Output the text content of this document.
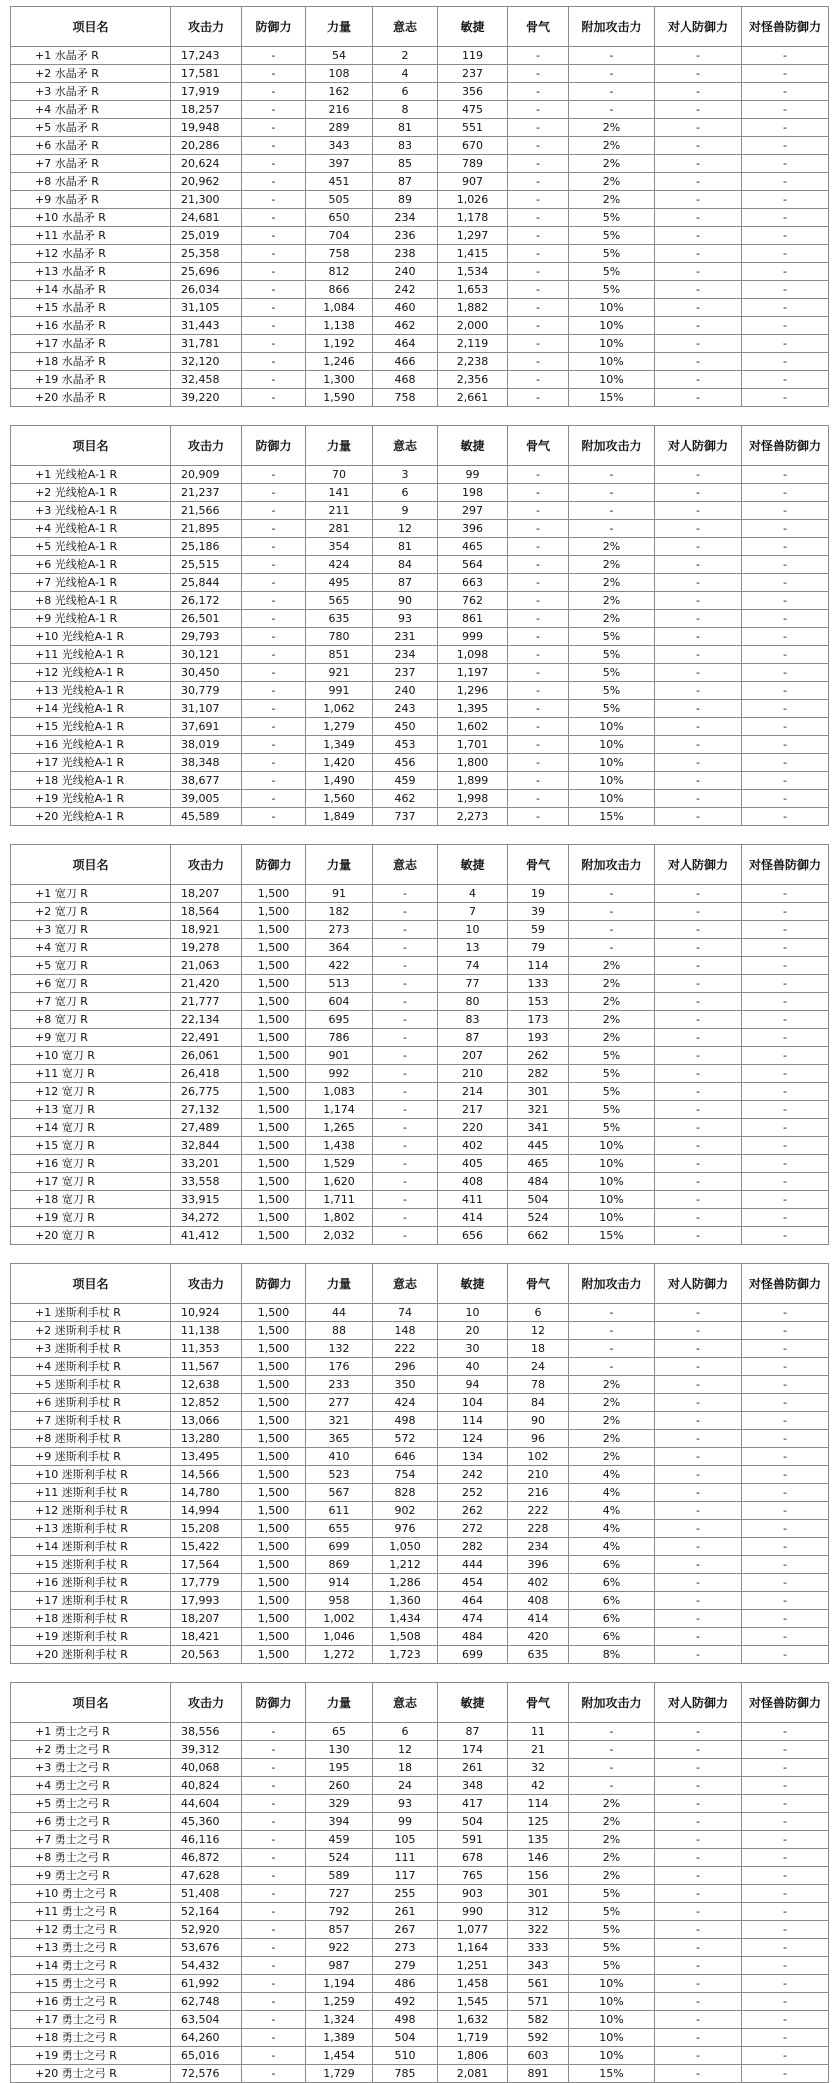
项目名	攻击力	防御力	力量	意志	敏捷	骨气	附加攻击力	对人防御力	对怪兽防御力
+1 水晶矛 R	17,243	-	54	2	119	-	-	-	-
+2 水晶矛 R	17,581	-	108	4	237	-	-	-	-
+3 水晶矛 R	17,919	-	162	6	356	-	-	-	-
+4 水晶矛 R	18,257	-	216	8	475	-	-	-	-
+5 水晶矛 R	19,948	-	289	81	551	-	2%	-	-
+6 水晶矛 R	20,286	-	343	83	670	-	2%	-	-
+7 水晶矛 R	20,624	-	397	85	789	-	2%	-	-
+8 水晶矛 R	20,962	-	451	87	907	-	2%	-	-
+9 水晶矛 R	21,300	-	505	89	1,026	-	2%	-	-
+10 水晶矛 R	24,681	-	650	234	1,178	-	5%	-	-
+11 水晶矛 R	25,019	-	704	236	1,297	-	5%	-	-
+12 水晶矛 R	25,358	-	758	238	1,415	-	5%	-	-
+13 水晶矛 R	25,696	-	812	240	1,534	-	5%	-	-
+14 水晶矛 R	26,034	-	866	242	1,653	-	5%	-	-
+15 水晶矛 R	31,105	-	1,084	460	1,882	-	10%	-	-
+16 水晶矛 R	31,443	-	1,138	462	2,000	-	10%	-	-
+17 水晶矛 R	31,781	-	1,192	464	2,119	-	10%	-	-
+18 水晶矛 R	32,120	-	1,246	466	2,238	-	10%	-	-
+19 水晶矛 R	32,458	-	1,300	468	2,356	-	10%	-	-
+20 水晶矛 R	39,220	-	1,590	758	2,661	-	15%	-	-
项目名	攻击力	防御力	力量	意志	敏捷	骨气	附加攻击力	对人防御力	对怪兽防御力
+1 光线枪A-1 R	20,909	-	70	3	99	-	-	-	-
+2 光线枪A-1 R	21,237	-	141	6	198	-	-	-	-
+3 光线枪A-1 R	21,566	-	211	9	297	-	-	-	-
+4 光线枪A-1 R	21,895	-	281	12	396	-	-	-	-
+5 光线枪A-1 R	25,186	-	354	81	465	-	2%	-	-
+6 光线枪A-1 R	25,515	-	424	84	564	-	2%	-	-
+7 光线枪A-1 R	25,844	-	495	87	663	-	2%	-	-
+8 光线枪A-1 R	26,172	-	565	90	762	-	2%	-	-
+9 光线枪A-1 R	26,501	-	635	93	861	-	2%	-	-
+10 光线枪A-1 R	29,793	-	780	231	999	-	5%	-	-
+11 光线枪A-1 R	30,121	-	851	234	1,098	-	5%	-	-
+12 光线枪A-1 R	30,450	-	921	237	1,197	-	5%	-	-
+13 光线枪A-1 R	30,779	-	991	240	1,296	-	5%	-	-
+14 光线枪A-1 R	31,107	-	1,062	243	1,395	-	5%	-	-
+15 光线枪A-1 R	37,691	-	1,279	450	1,602	-	10%	-	-
+16 光线枪A-1 R	38,019	-	1,349	453	1,701	-	10%	-	-
+17 光线枪A-1 R	38,348	-	1,420	456	1,800	-	10%	-	-
+18 光线枪A-1 R	38,677	-	1,490	459	1,899	-	10%	-	-
+19 光线枪A-1 R	39,005	-	1,560	462	1,998	-	10%	-	-
+20 光线枪A-1 R	45,589	-	1,849	737	2,273	-	15%	-	-
项目名	攻击力	防御力	力量	意志	敏捷	骨气	附加攻击力	对人防御力	对怪兽防御力
+1 宽刀 R	18,207	1,500	91	-	4	19	-	-	-
+2 宽刀 R	18,564	1,500	182	-	7	39	-	-	-
+3 宽刀 R	18,921	1,500	273	-	10	59	-	-	-
+4 宽刀 R	19,278	1,500	364	-	13	79	-	-	-
+5 宽刀 R	21,063	1,500	422	-	74	114	2%	-	-
+6 宽刀 R	21,420	1,500	513	-	77	133	2%	-	-
+7 宽刀 R	21,777	1,500	604	-	80	153	2%	-	-
+8 宽刀 R	22,134	1,500	695	-	83	173	2%	-	-
+9 宽刀 R	22,491	1,500	786	-	87	193	2%	-	-
+10 宽刀 R	26,061	1,500	901	-	207	262	5%	-	-
+11 宽刀 R	26,418	1,500	992	-	210	282	5%	-	-
+12 宽刀 R	26,775	1,500	1,083	-	214	301	5%	-	-
+13 宽刀 R	27,132	1,500	1,174	-	217	321	5%	-	-
+14 宽刀 R	27,489	1,500	1,265	-	220	341	5%	-	-
+15 宽刀 R	32,844	1,500	1,438	-	402	445	10%	-	-
+16 宽刀 R	33,201	1,500	1,529	-	405	465	10%	-	-
+17 宽刀 R	33,558	1,500	1,620	-	408	484	10%	-	-
+18 宽刀 R	33,915	1,500	1,711	-	411	504	10%	-	-
+19 宽刀 R	34,272	1,500	1,802	-	414	524	10%	-	-
+20 宽刀 R	41,412	1,500	2,032	-	656	662	15%	-	-
项目名	攻击力	防御力	力量	意志	敏捷	骨气	附加攻击力	对人防御力	对怪兽防御力
+1 迷斯利手杖 R	10,924	1,500	44	74	10	6	-	-	-
+2 迷斯利手杖 R	11,138	1,500	88	148	20	12	-	-	-
+3 迷斯利手杖 R	11,353	1,500	132	222	30	18	-	-	-
+4 迷斯利手杖 R	11,567	1,500	176	296	40	24	-	-	-
+5 迷斯利手杖 R	12,638	1,500	233	350	94	78	2%	-	-
+6 迷斯利手杖 R	12,852	1,500	277	424	104	84	2%	-	-
+7 迷斯利手杖 R	13,066	1,500	321	498	114	90	2%	-	-
+8 迷斯利手杖 R	13,280	1,500	365	572	124	96	2%	-	-
+9 迷斯利手杖 R	13,495	1,500	410	646	134	102	2%	-	-
+10 迷斯利手杖 R	14,566	1,500	523	754	242	210	4%	-	-
+11 迷斯利手杖 R	14,780	1,500	567	828	252	216	4%	-	-
+12 迷斯利手杖 R	14,994	1,500	611	902	262	222	4%	-	-
+13 迷斯利手杖 R	15,208	1,500	655	976	272	228	4%	-	-
+14 迷斯利手杖 R	15,422	1,500	699	1,050	282	234	4%	-	-
+15 迷斯利手杖 R	17,564	1,500	869	1,212	444	396	6%	-	-
+16 迷斯利手杖 R	17,779	1,500	914	1,286	454	402	6%	-	-
+17 迷斯利手杖 R	17,993	1,500	958	1,360	464	408	6%	-	-
+18 迷斯利手杖 R	18,207	1,500	1,002	1,434	474	414	6%	-	-
+19 迷斯利手杖 R	18,421	1,500	1,046	1,508	484	420	6%	-	-
+20 迷斯利手杖 R	20,563	1,500	1,272	1,723	699	635	8%	-	-
项目名	攻击力	防御力	力量	意志	敏捷	骨气	附加攻击力	对人防御力	对怪兽防御力
+1 勇士之弓 R	38,556	-	65	6	87	11	-	-	-
+2 勇士之弓 R	39,312	-	130	12	174	21	-	-	-
+3 勇士之弓 R	40,068	-	195	18	261	32	-	-	-
+4 勇士之弓 R	40,824	-	260	24	348	42	-	-	-
+5 勇士之弓 R	44,604	-	329	93	417	114	2%	-	-
+6 勇士之弓 R	45,360	-	394	99	504	125	2%	-	-
+7 勇士之弓 R	46,116	-	459	105	591	135	2%	-	-
+8 勇士之弓 R	46,872	-	524	111	678	146	2%	-	-
+9 勇士之弓 R	47,628	-	589	117	765	156	2%	-	-
+10 勇士之弓 R	51,408	-	727	255	903	301	5%	-	-
+11 勇士之弓 R	52,164	-	792	261	990	312	5%	-	-
+12 勇士之弓 R	52,920	-	857	267	1,077	322	5%	-	-
+13 勇士之弓 R	53,676	-	922	273	1,164	333	5%	-	-
+14 勇士之弓 R	54,432	-	987	279	1,251	343	5%	-	-
+15 勇士之弓 R	61,992	-	1,194	486	1,458	561	10%	-	-
+16 勇士之弓 R	62,748	-	1,259	492	1,545	571	10%	-	-
+17 勇士之弓 R	63,504	-	1,324	498	1,632	582	10%	-	-
+18 勇士之弓 R	64,260	-	1,389	504	1,719	592	10%	-	-
+19 勇士之弓 R	65,016	-	1,454	510	1,806	603	10%	-	-
+20 勇士之弓 R	72,576	-	1,729	785	2,081	891	15%	-	-
